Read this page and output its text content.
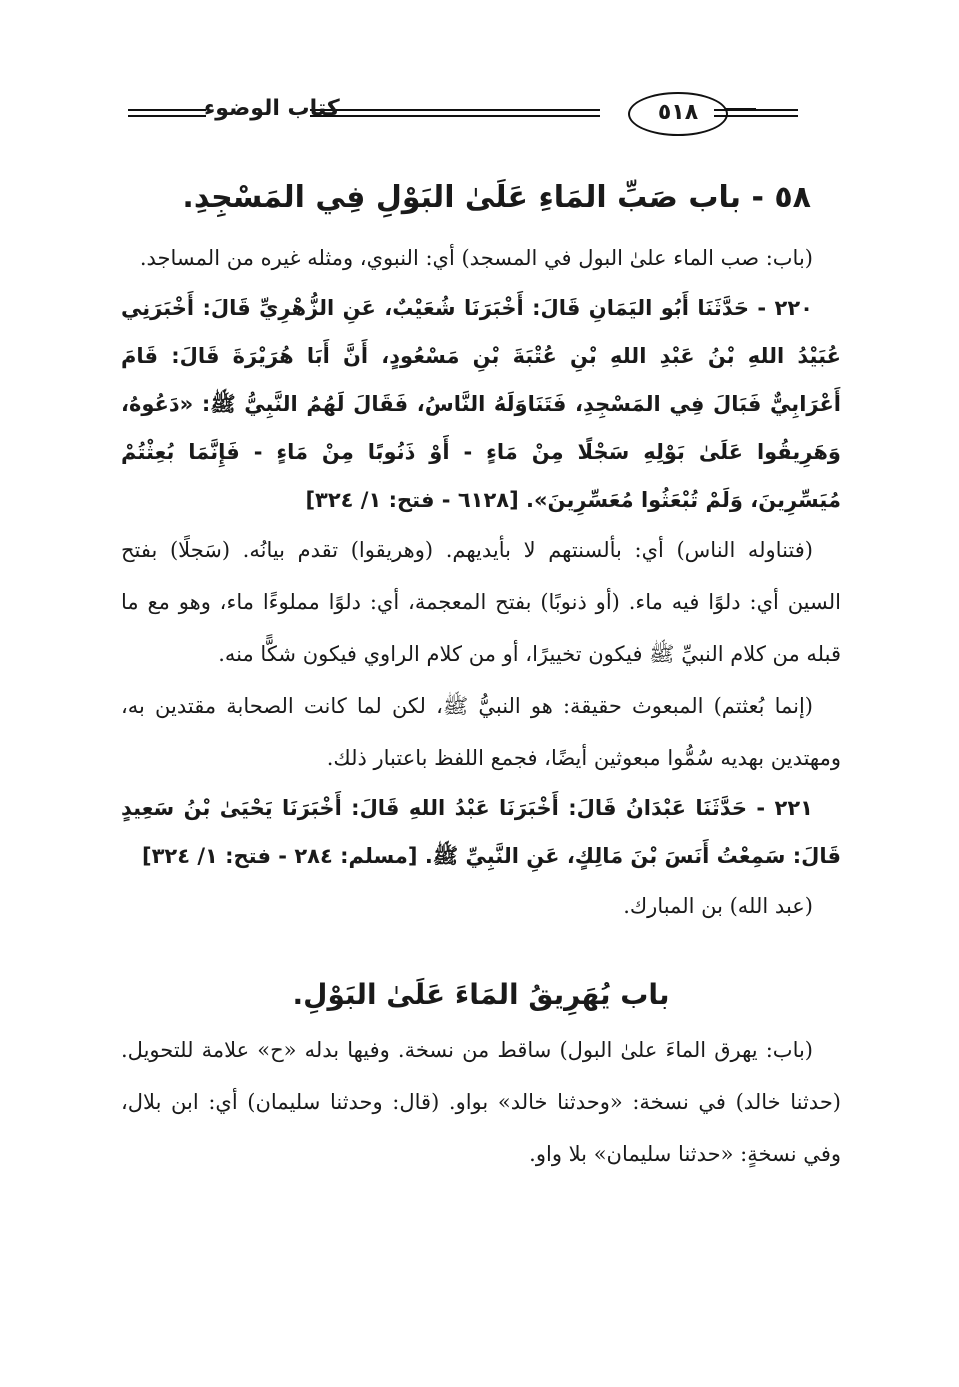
٥١٨
كتاب الوضوء
٥٨ - باب صَبِّ المَاءِ عَلَىٰ البَوْلِ فِي المَسْجِدِ.

(باب: صب الماء علىٰ البول في المسجد) أي: النبوي، ومثله غيره من المساجد.

٢٢٠ - حَدَّثَنَا أَبُو اليَمَانِ قَالَ: أَخْبَرَنَا شُعَيْبٌ، عَنِ الزُّهْرِيِّ قَالَ: أَخْبَرَنِي عُبَيْدُ اللهِ بْنُ عَبْدِ اللهِ بْنِ عُتْبَةَ بْنِ مَسْعُودٍ، أَنَّ أَبَا هُرَيْرَةَ قَالَ: قَامَ أَعْرَابِيٌّ فَبَالَ فِي المَسْجِدِ، فَتَنَاوَلَهُ النَّاسُ، فَقَالَ لَهُمُ النَّبِيُّ ﷺ: «دَعُوهُ، وَهَرِيقُوا عَلَىٰ بَوْلِهِ سَجْلًا مِنْ مَاءٍ - أَوْ ذَنُوبًا مِنْ مَاءٍ - فَإِنَّمَا بُعِثْتُمْ مُيَسِّرِينَ، وَلَمْ تُبْعَثُوا مُعَسِّرِينَ». [٦١٢٨ - فتح: ١/ ٣٢٤]

(فتناوله الناس) أي: بألسنتهم لا بأيديهم. (وهريقوا) تقدم بيانُه. (سَجلًا) بفتح السين أي: دلوًا فيه ماء. (أو ذنوبًا) بفتح المعجمة، أي: دلوًا مملوءًا ماء، وهو مع ما قبله من كلام النبيِّ ﷺ فيكون تخييرًا، أو من كلام الراوي فيكون شكًّا منه.

(إنما بُعثتم) المبعوث حقيقة: هو النبيُّ ﷺ، لكن لما كانت الصحابة مقتدين به، ومهتدين بهديه سُمُّوا مبعوثين أيضًا، فجمع اللفظ باعتبار ذلك.

٢٢١ - حَدَّثَنَا عَبْدَانُ قَالَ: أَخْبَرَنَا عَبْدُ اللهِ قَالَ: أَخْبَرَنَا يَحْيَىٰ بْنُ سَعِيدٍ قَالَ: سَمِعْتُ أَنَسَ بْنَ مَالِكٍ، عَنِ النَّبِيِّ ﷺ. [مسلم: ٢٨٤ - فتح: ١/ ٣٢٤]

(عبد الله) بن المبارك.

باب يُهَرِيقُ المَاءَ عَلَىٰ البَوْلِ.

(باب: يهرق الماءَ علىٰ البول) ساقط من نسخة. وفيها بدله «ح» علامة للتحويل. (حدثنا خالد) في نسخة: «وحدثنا خالد» بواو. (قال: وحدثنا سليمان) أي: ابن بلال، وفي نسخةٍ: «حدثنا سليمان» بلا واو.
